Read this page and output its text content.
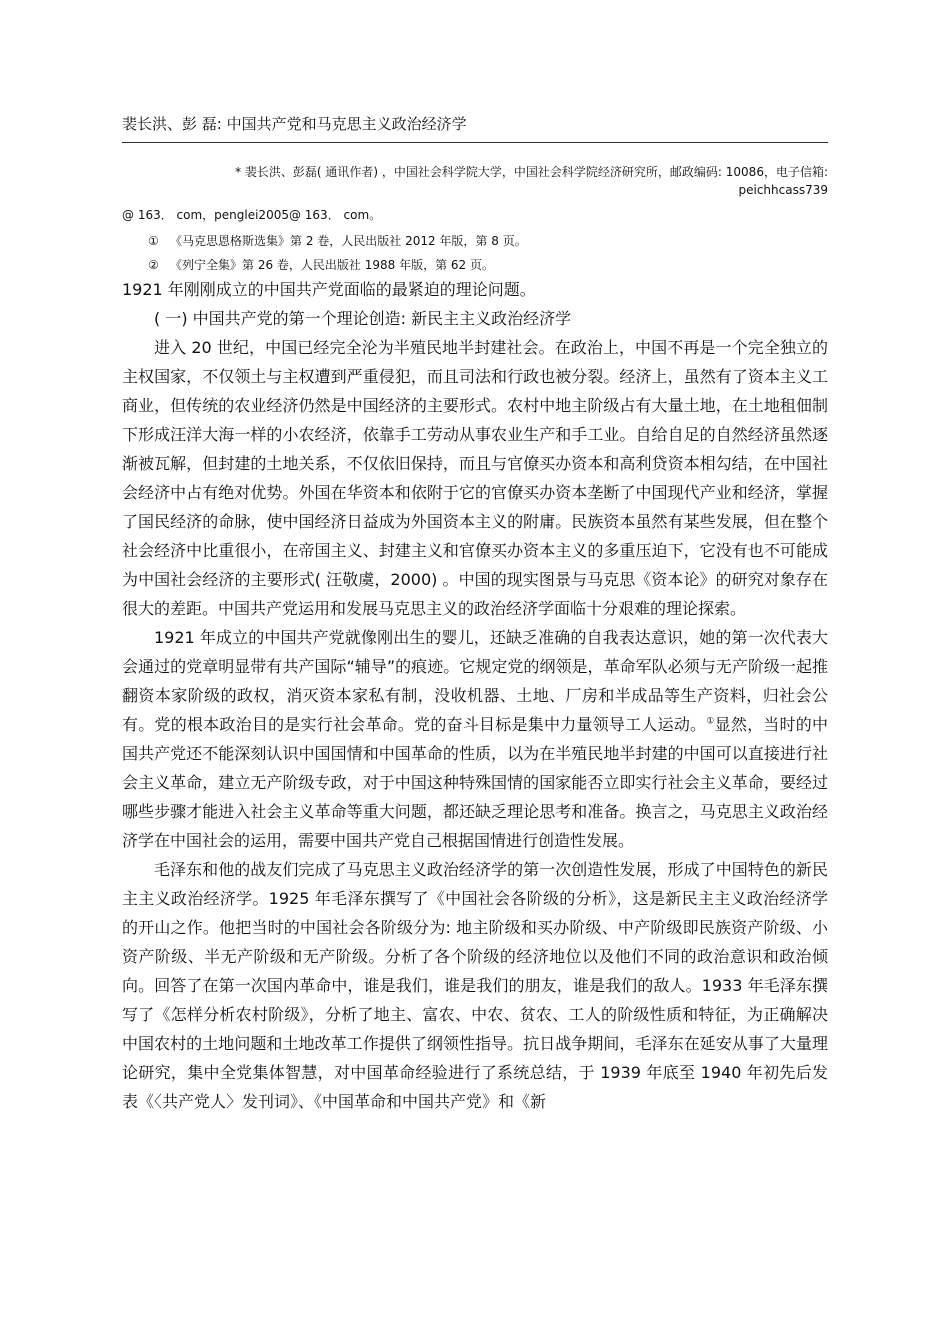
裴长洪、彭 磊: 中国共产党和马克思主义政治经济学
* 裴长洪、彭磊( 通讯作者) ，中国社会科学院大学，中国社会科学院经济研究所，邮政编码: 10086，电子信箱:
peichhcass739
@ 163． com，penglei2005@ 163． com。
① 《马克思恩格斯选集》第 2 卷，人民出版社 2012 年版，第 8 页。
② 《列宁全集》第 26 卷，人民出版社 1988 年版，第 62 页。

1921 年刚刚成立的中国共产党面临的最紧迫的理论问题。

( 一) 中国共产党的第一个理论创造: 新民主主义政治经济学

进入 20 世纪，中国已经完全沦为半殖民地半封建社会。在政治上，中国不再是一个完全独立的主权国家，不仅领土与主权遭到严重侵犯，而且司法和行政也被分裂。经济上，虽然有了资本主义工商业，但传统的农业经济仍然是中国经济的主要形式。农村中地主阶级占有大量土地，在土地租佃制下形成汪洋大海一样的小农经济，依靠手工劳动从事农业生产和手工业。自给自足的自然经济虽然逐渐被瓦解，但封建的土地关系，不仅依旧保持，而且与官僚买办资本和高利贷资本相勾结，在中国社会经济中占有绝对优势。外国在华资本和依附于它的官僚买办资本垄断了中国现代产业和经济，掌握了国民经济的命脉，使中国经济日益成为外国资本主义的附庸。民族资本虽然有某些发展，但在整个社会经济中比重很小，在帝国主义、封建主义和官僚买办资本主义的多重压迫下，它没有也不可能成为中国社会经济的主要形式( 汪敬虞，2000) 。中国的现实图景与马克思《资本论》的研究对象存在很大的差距。中国共产党运用和发展马克思主义的政治经济学面临十分艰难的理论探索。

1921 年成立的中国共产党就像刚出生的婴儿，还缺乏准确的自我表达意识，她的第一次代表大会通过的党章明显带有共产国际“辅导”的痕迹。它规定党的纲领是，革命军队必须与无产阶级一起推翻资本家阶级的政权，消灭资本家私有制，没收机器、土地、厂房和半成品等生产资料，归社会公有。党的根本政治目的是实行社会革命。党的奋斗目标是集中力量领导工人运动。①显然，当时的中国共产党还不能深刻认识中国国情和中国革命的性质，以为在半殖民地半封建的中国可以直接进行社会主义革命，建立无产阶级专政，对于中国这种特殊国情的国家能否立即实行社会主义革命，要经过哪些步骤才能进入社会主义革命等重大问题，都还缺乏理论思考和准备。换言之，马克思主义政治经济学在中国社会的运用，需要中国共产党自己根据国情进行创造性发展。

毛泽东和他的战友们完成了马克思主义政治经济学的第一次创造性发展，形成了中国特色的新民主主义政治经济学。1925 年毛泽东撰写了《中国社会各阶级的分析》，这是新民主主义政治经济学的开山之作。他把当时的中国社会各阶级分为: 地主阶级和买办阶级、中产阶级即民族资产阶级、小资产阶级、半无产阶级和无产阶级。分析了各个阶级的经济地位以及他们不同的政治意识和政治倾向。回答了在第一次国内革命中，谁是我们，谁是我们的朋友，谁是我们的敌人。1933 年毛泽东撰写了《怎样分析农村阶级》，分析了地主、富农、中农、贫农、工人的阶级性质和特征，为正确解决中国农村的土地问题和土地改革工作提供了纲领性指导。抗日战争期间，毛泽东在延安从事了大量理论研究，集中全党集体智慧，对中国革命经验进行了系统总结，于 1939 年底至 1940 年初先后发表《〈共产党人〉发刊词》、《中国革命和中国共产党》和《新
